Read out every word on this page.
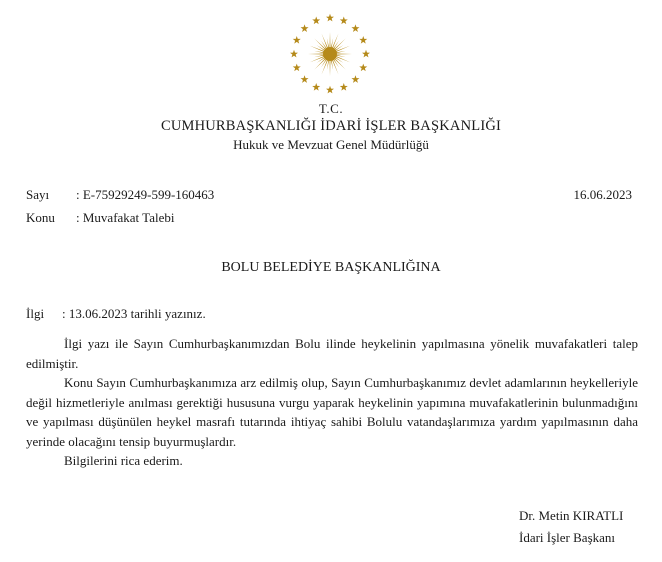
T.C.
CUMHURBAŞKANLIĞI İDARİ İŞLER BAŞKANLIĞI
Hukuk ve Mevzuat Genel Müdürlüğü
Sayı : E-75929249-599-160463	16.06.2023
Konu : Muvafakat Talebi
BOLU BELEDİYE BAŞKANLIĞINA
İlgi : 13.06.2023 tarihli yazınız.

İlgi yazı ile Sayın Cumhurbaşkanımızdan Bolu ilinde heykelinin yapılmasına yönelik muvafakatleri talep edilmiştir.

Konu Sayın Cumhurbaşkanımıza arz edilmiş olup, Sayın Cumhurbaşkanımız devlet adamlarının heykelleriyle değil hizmetleriyle anılması gerektiği hususuna vurgu yaparak heykelinin yapımına muvafakatlerinin bulunmadığını ve yapılması düşünülen heykel masrafı tutarında ihtiyaç sahibi Bolulu vatandaşlarımıza yardım yapılmasının daha yerinde olacağını tensip buyurmuşlardır.

Bilgilerini rica ederim.

Dr. Metin KIRATLI
İdari İşler Başkanı
